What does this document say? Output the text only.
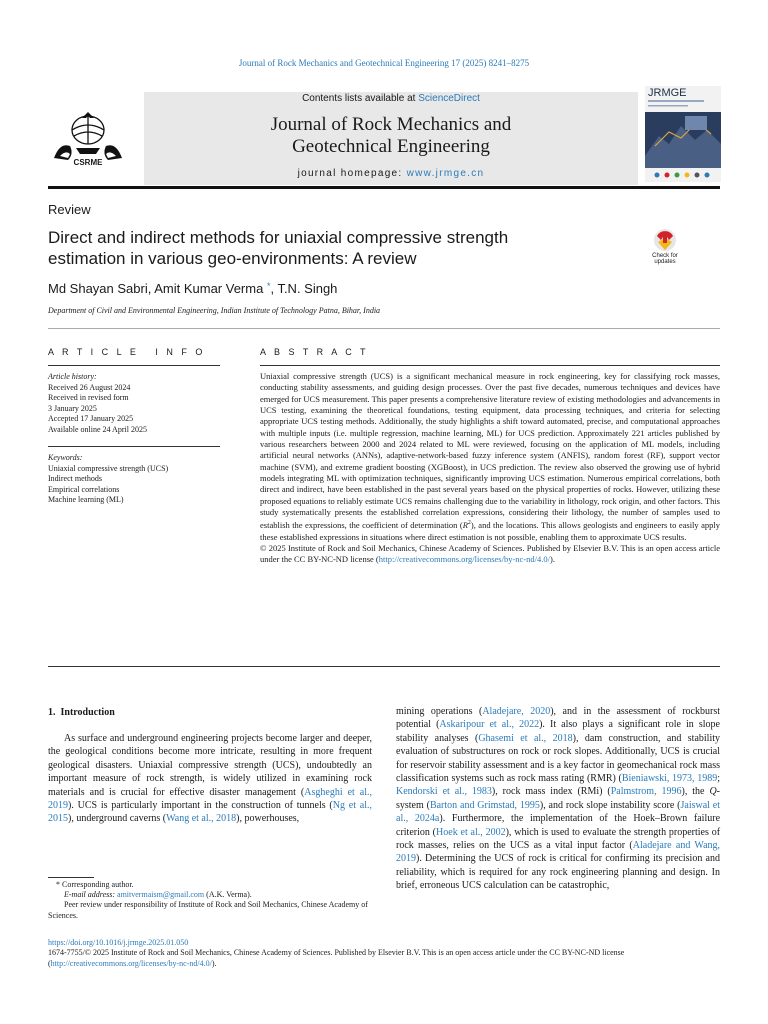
Journal of Rock Mechanics and Geotechnical Engineering 17 (2025) 8241–8275
Contents lists available at ScienceDirect
Journal of Rock Mechanics and
Geotechnical Engineering
journal homepage: www.jrmge.cn
CSRME
JRMGE
Review
Direct and indirect methods for uniaxial compressive strength
estimation in various geo-environments: A review	Check for
updates
Md Shayan Sabri, Amit Kumar Verma *, T.N. Singh
Department of Civil and Environmental Engineering, Indian Institute of Technology Patna, Bihar, India
A R T I C L E   I N F O	A B S T R A C T
Article history:
Received 26 August 2024
Received in revised form
3 January 2025
Accepted 17 January 2025
Available online 24 April 2025
Keywords:
Uniaxial compressive strength (UCS)
Indirect methods
Empirical correlations
Machine learning (ML)

Uniaxial compressive strength (UCS) is a significant mechanical measure in rock engineering, key for classifying rock masses, conducting stability assessments, and guiding design processes. Over the past five decades, numerous techniques and devices have emerged for UCS measurement. This paper presents a comprehensive literature review of existing methodologies and advancements in UCS testing, examining the theoretical foundations, testing equipment, data processing techniques, and criteria for selecting appropriate UCS testing methods. Additionally, the study highlights a shift toward automated, precise, and computational approaches with multiple inputs (i.e. multiple regression, machine learning, ML) for UCS prediction. Approximately 221 articles published by various researchers between 2000 and 2024 related to ML were reviewed, focusing on the application of ML models, including artificial neural networks (ANNs), adaptive-network-based fuzzy inference system (ANFIS), random forest (RF), support vector machine (SVM), and extreme gradient boosting (XGBoost), in UCS prediction. The review also observed the growing use of hybrid models integrating ML with optimization techniques, significantly improving UCS estimation. Numerous empirical correlations, both direct and indirect, have been established in the past several years based on the physical properties of rocks. However, utilizing these proposed equations to reliably estimate UCS remains challenging due to the variability in lithology, rock origin, and other factors. This study systematically presents the established correlation expressions, considering their lithology, the number of samples used to establish the expressions, the coefficient of determination $(R^2)$, and the locations. This allows geologists and engineers to easily apply these established expressions in situations where direct estimation is not possible, enabling them to approximate UCS results.

© 2025 Institute of Rock and Soil Mechanics, Chinese Academy of Sciences. Published by Elsevier B.V. This is an open access article under the CC BY-NC-ND license (http://creativecommons.org/licenses/by-nc-nd/4.0/).

1.  Introduction

As surface and underground engineering projects become larger and deeper, the geological conditions become more intricate, resulting in more frequent geological disasters. Uniaxial compressive strength (UCS), undoubtedly an important measure of rock strength, is widely utilized in examining rock materials and is crucial for effective disaster management (Asgheghi et al., 2019). UCS is particularly important in the construction of tunnels (Ng et al., 2015), underground caverns (Wang et al., 2018), powerhouses,

mining operations (Aladejare, 2020), and in the assessment of rockburst potential (Askaripour et al., 2022). It also plays a significant role in slope stability analyses (Ghasemi et al., 2018), dam construction, and stability evaluation of substructures on rock or rock slopes. Additionally, UCS is crucial for reservoir stability assessment and is a key factor in geomechanical rock mass classification systems such as rock mass rating (RMR) (Bieniawski, 1973, 1989; Kendorski et al., 1983), rock mass index (RMi) (Palmstrom, 1996), the Q-system (Barton and Grimstad, 1995), and rock slope instability score (Jaiswal et al., 2024a). Furthermore, the implementation of the Hoek–Brown failure criterion (Hoek et al., 2002), which is used to evaluate the strength properties of rock masses, relies on the UCS as a vital input factor (Aladejare and Wang, 2019). Determining the UCS of rock is critical for confirming its precision and reliability, which is required for any rock engineering planning and design. In brief, erroneous UCS calculation can be catastrophic,

* Corresponding author.

E-mail address: amitvermaism@gmail.com (A.K. Verma).

Peer review under responsibility of Institute of Rock and Soil Mechanics, Chinese Academy of Sciences.

https://doi.org/10.1016/j.jrmge.2025.01.050

1674-7755/© 2025 Institute of Rock and Soil Mechanics, Chinese Academy of Sciences. Published by Elsevier B.V. This is an open access article under the CC BY-NC-ND license (http://creativecommons.org/licenses/by-nc-nd/4.0/).
